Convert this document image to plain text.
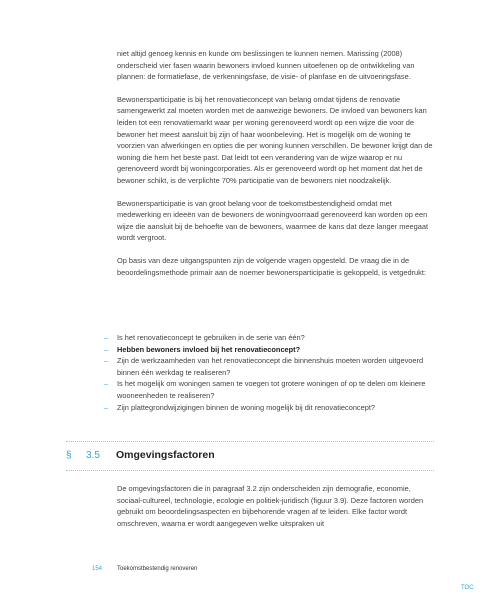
niet altijd genoeg kennis en kunde om beslissingen te kunnen nemen. Marissing (2008) onderscheid vier fasen waarin bewoners invloed kunnen uitoefenen op de ontwikkeling van plannen: de formatiefase, de verkenningsfase, de visie- of planfase en de uitvoeringsfase.

Bewonersparticipatie is bij het renovatieconcept van belang omdat tijdens de renovatie samengewerkt zal moeten worden met de aanwezige bewoners. De invloed van bewoners kan leiden tot een renovatiemarkt waar per woning gerenoveerd wordt op een wijze die voor de bewoner het meest aansluit bij zijn of haar woonbeleving. Het is mogelijk om de woning te voorzien van afwerkingen en opties die per woning kunnen verschillen. De bewoner krijgt dan de woning die hem het beste past. Dat leidt tot een verandering van de wijze waarop er nu gerenoveerd wordt bij woningcorporaties. Als er gerenoveerd wordt op het moment dat het de bewoner schikt, is de verplichte 70% participatie van de bewoners niet noodzakelijk.

Bewonersparticipatie is van groot belang voor de toekomstbestendigheid omdat met medewerking en ideeën van de bewoners de woningvoorraad gerenoveerd kan worden op een wijze die aansluit bij de behoefte van de bewoners, waarmee de kans dat deze langer meegaat wordt vergroot.

Op basis van deze uitgangspunten zijn de volgende vragen opgesteld. De vraag die in de beoordelingsmethode primair aan de noemer bewonersparticipatie is gekoppeld, is vetgedrukt:

– Is het renovatieconcept te gebruiken in de serie van één?
– Hebben bewoners invloed bij het renovatieconcept?
– Zijn de werkzaamheden van het renovatieconcept die binnenshuis moeten worden uitgevoerd binnen één werkdag te realiseren?
– Is het mogelijk om woningen samen te voegen tot grotere woningen of op te delen om kleinere wooneenheden te realiseren?
– Zijn plattegrondwijzigingen binnen de woning mogelijk bij dit renovatieconcept?
§	3.5	Omgevingsfactoren

De omgevingsfactoren die in paragraaf 3.2 zijn onderscheiden zijn demografie, economie, sociaal-cultureel, technologie, ecologie en politiek-juridisch (figuur 3.9). Deze factoren worden gebruikt om beoordelingsaspecten en bijbehorende vragen af te leiden. Elke factor wordt omschreven, waarna er wordt aangegeven welke uitspraken uit

154 Toekomstbestendig renoveren
TOC
